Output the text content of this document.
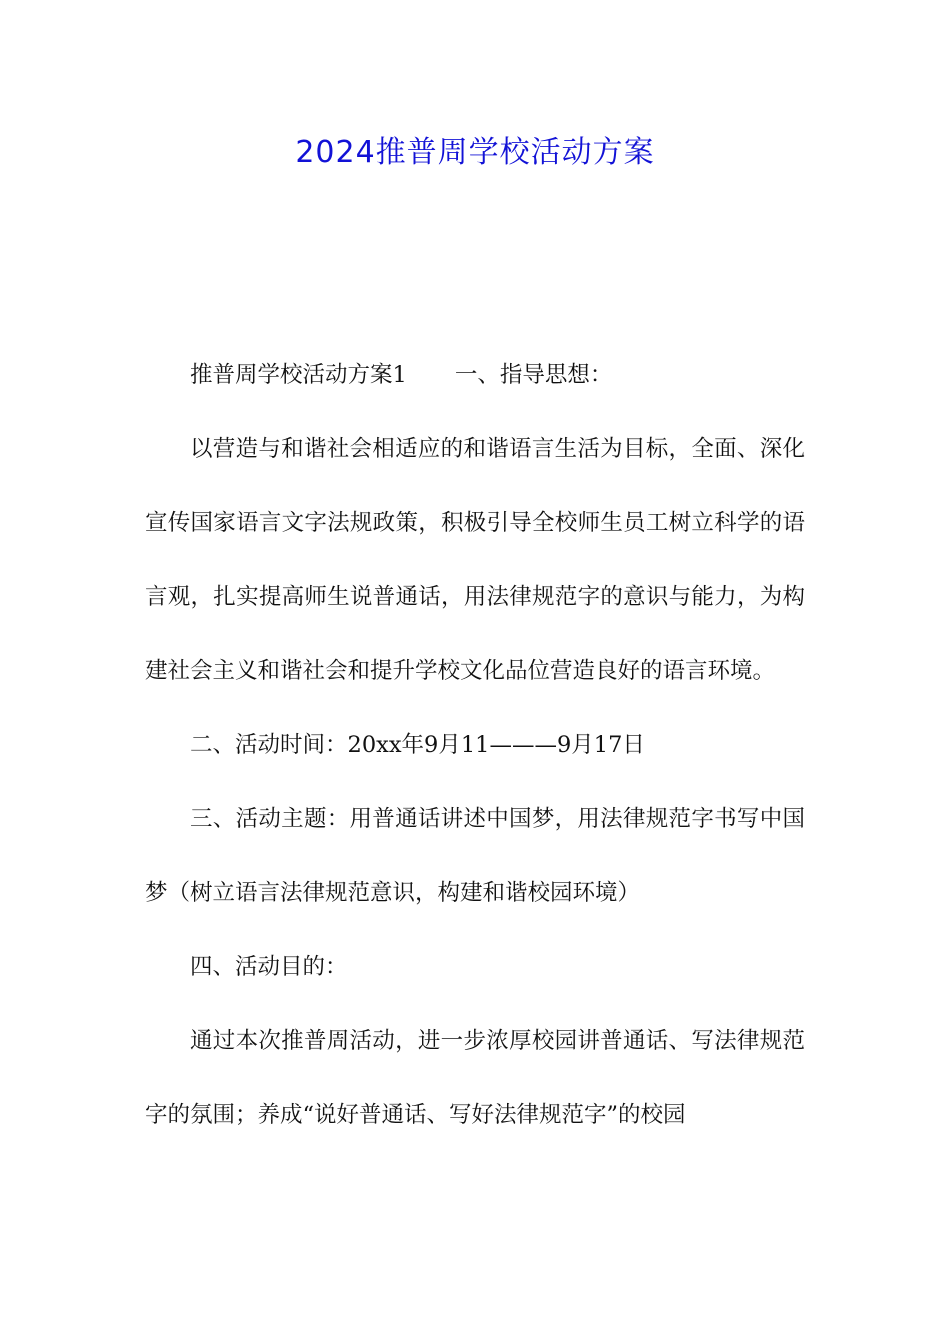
2024推普周学校活动方案

推普周学校活动方案1 一、指导思想：

以营造与和谐社会相适应的和谐语言生活为目标，全面、深化宣传国家语言文字法规政策，积极引导全校师生员工树立科学的语言观，扎实提高师生说普通话，用法律规范字的意识与能力，为构建社会主义和谐社会和提升学校文化品位营造良好的语言环境。

二、活动时间：20xx年9月11———9月17日

三、活动主题：用普通话讲述中国梦，用法律规范字书写中国梦（树立语言法律规范意识，构建和谐校园环境）

四、活动目的：

通过本次推普周活动，进一步浓厚校园讲普通话、写法律规范字的氛围；养成“说好普通话、写好法律规范字”的校园
